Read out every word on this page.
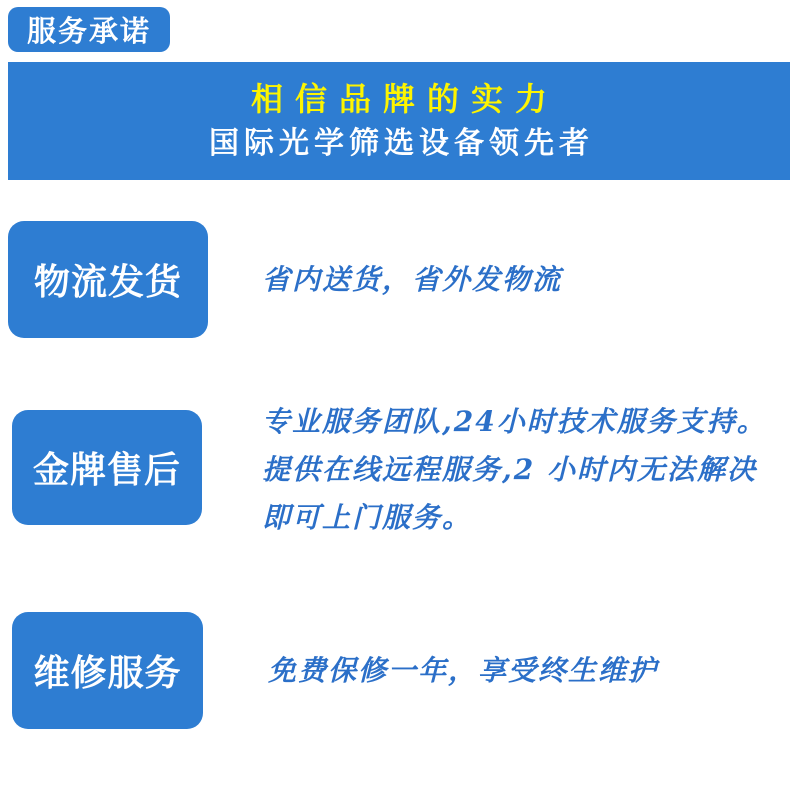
服务承诺
相信品牌的实力
国际光学筛选设备领先者
物流发货	省内送货，省外发物流
金牌售后
专业服务团队,24小时技术服务支持。
提供在线远程服务,2 小时内无法解决
即可上门服务。
维修服务	免费保修一年，享受终生维护
